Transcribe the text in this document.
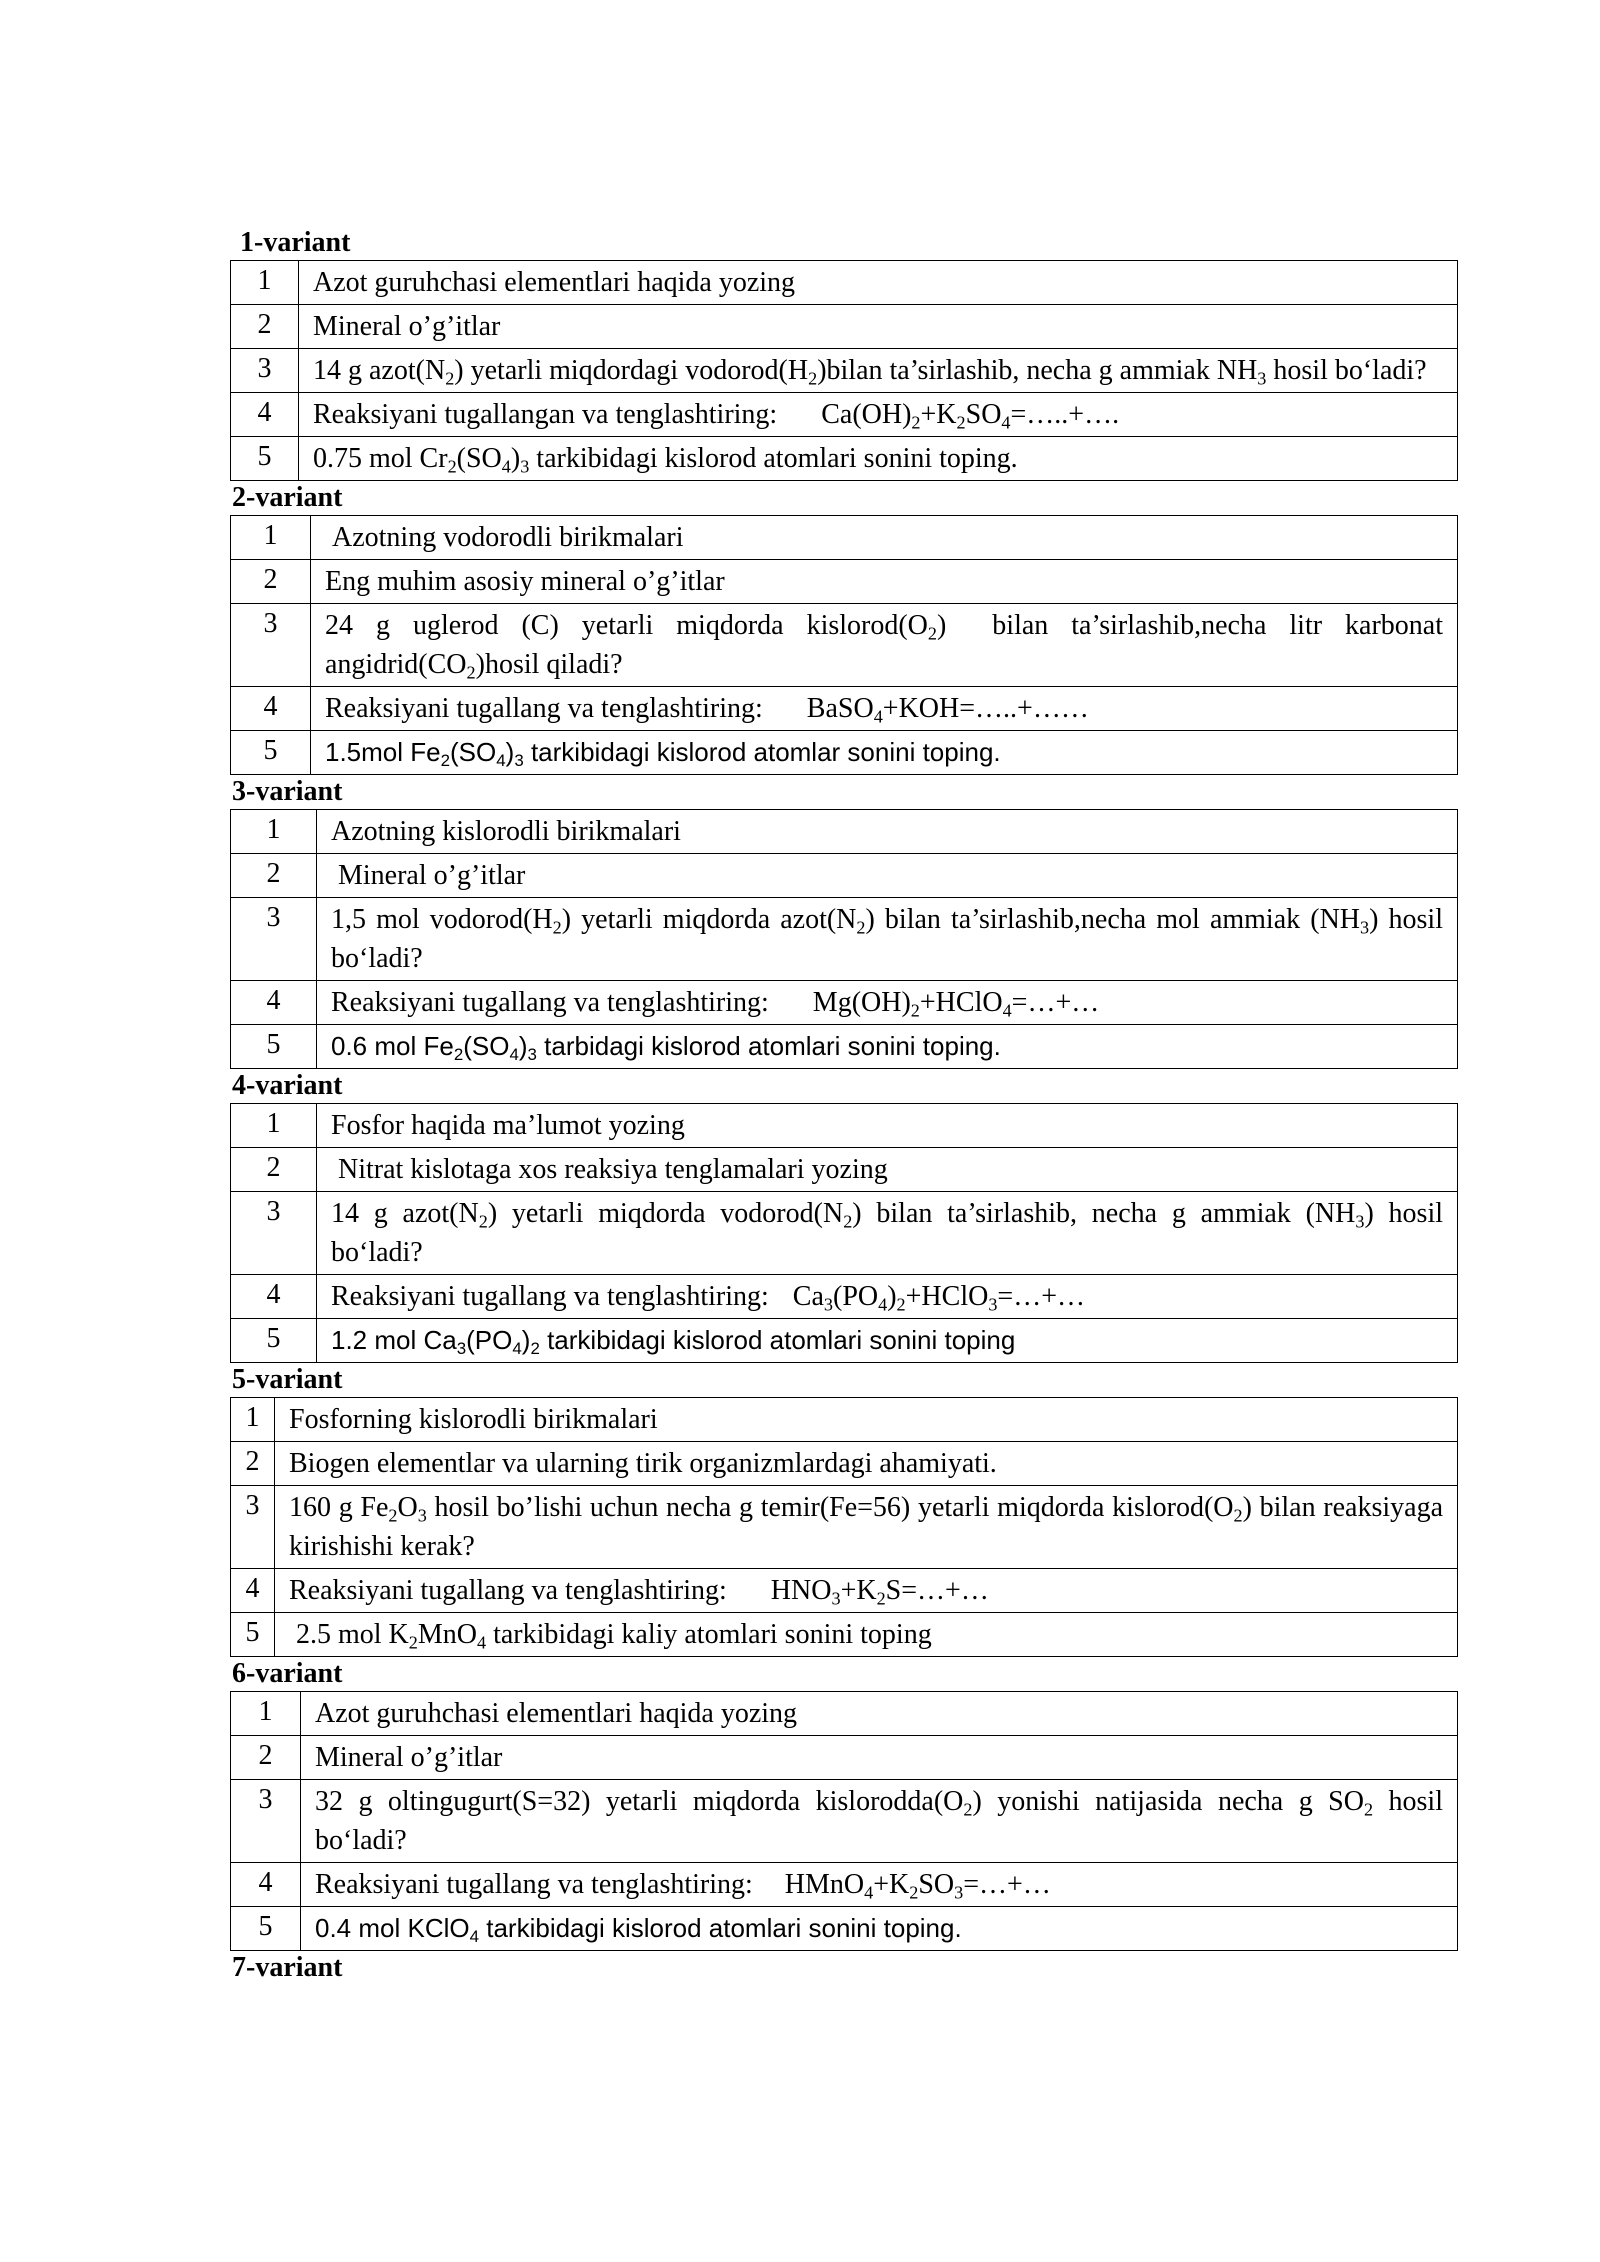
1-variant
1	Azot guruhchasi elementlari haqida yozing
2	Mineral o’g’itlar
3	14 g $azot(N_2)$ yetarli miqdordagi $vodorod(H_2)bilan$ ta’sirlashib, necha g ammiak $NH_3$ hosil bo‘ladi?
4	Reaksiyani tugallangan va tenglashtiring: $Ca(OH)_2+K_2SO_4=\dots..+\dots$.
5	0.75 mol $Cr_2(SO_4)_3$ tarkibidagi kislorod atomlari sonini toping.
2-variant
1	Azotning vodorodli birikmalari
2	Eng muhim asosiy mineral o’g’itlar
3	24 g uglerod (C) yetarli miqdorda $kislorod(O_2)$  bilan ta’sirlashib,necha litr karbonat $angidrid(CO_2)hosil$ qiladi?
4	Reaksiyani tugallang va tenglashtiring: BaSO$_4$+KOH=…..+……
5	1.5mol $Fe_2(SO_4)_3$ tarkibidagi kislorod atomlar sonini toping.
3-variant
1	Azotning kislorodli birikmalari
2	Mineral o’g’itlar
3	1,5 mol $vodorod(H_2)$ yetarli miqdorda $azot(N_2)$ bilan ta’sirlashib,necha mol ammiak $(NH_3)$ hosil bo‘ladi?
4	Reaksiyani tugallang va tenglashtiring: $Mg(OH)_2+HClO_4=\dots+\dots$
5	0.6 mol $Fe_2(SO_4)_3$ tarbidagi kislorod atomlari sonini toping.
4-variant
1	Fosfor haqida ma’lumot yozing
2	Nitrat kislotaga xos reaksiya tenglamalari yozing
3	14 g $azot(N_2)$ yetarli miqdorda $vodorod(N_2)$ bilan ta’sirlashib, necha g ammiak $(NH_3)$ hosil bo‘ladi?
4	Reaksiyani tugallang va tenglashtiring: $Ca_3(PO_4)_2+HClO_3=\dots+\dots$
5	1.2 mol $Ca_3(PO_4)_2$ tarkibidagi kislorod atomlari sonini toping
5-variant
1	Fosforning kislorodli birikmalari
2	Biogen elementlar va ularning tirik organizmlardagi ahamiyati.
3	160 g $Fe_2O_3$ hosil bo’lishi uchun necha g temir(Fe=56) yetarli miqdorda $kislorod(O_2)$ bilan reaksiyaga kirishishi kerak?
4	Reaksiyani tugallang va tenglashtiring: $HNO_3+K_2S=\dots+\dots$
5	2.5 mol $K_2MnO_4$ tarkibidagi kaliy atomlari sonini toping
6-variant
1	Azot guruhchasi elementlari haqida yozing
2	Mineral o’g’itlar
3	32 g oltingugurt(S=32) yetarli miqdorda $kislorodda(O_2)$ yonishi natijasida necha g $SO_2$ hosil bo‘ladi?
4	Reaksiyani tugallang va tenglashtiring: $HMnO_4+K_2SO_3=\dots+\dots$
5	0.4 mol KClO$_4$ tarkibidagi kislorod atomlari sonini toping.
7-variant
